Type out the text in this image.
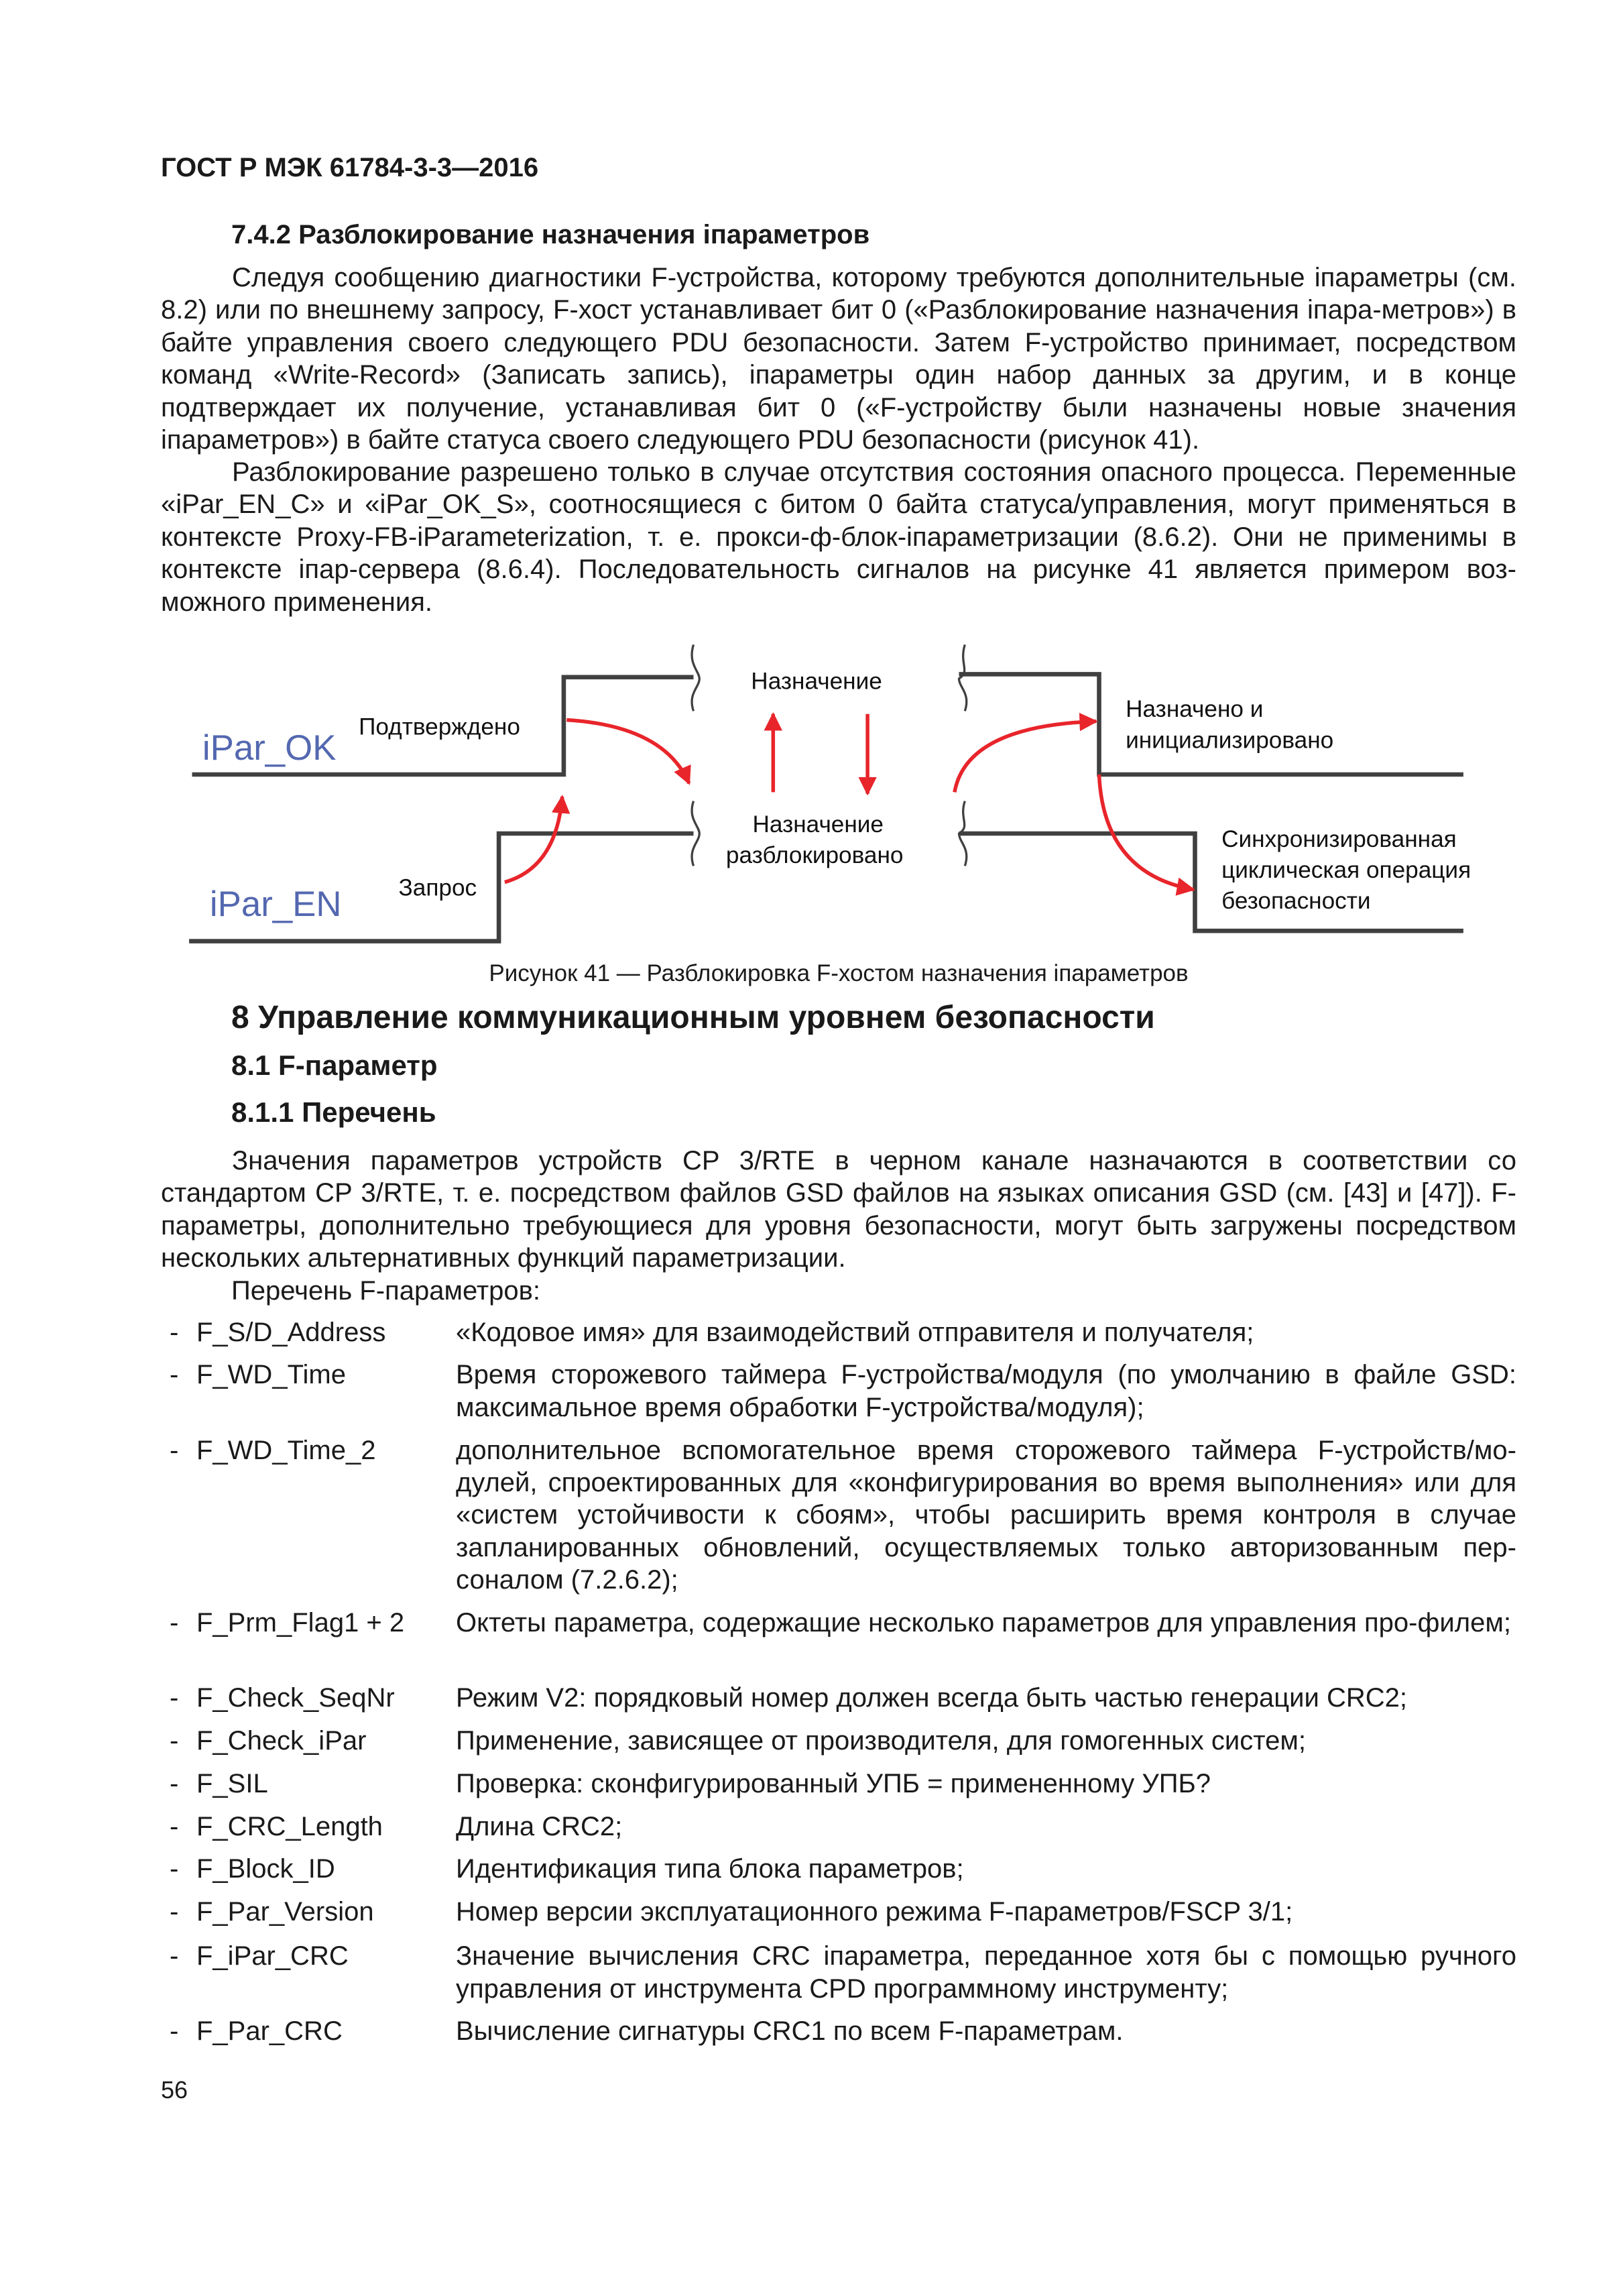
ГОСТ Р МЭК 61784-3-3—2016
7.4.2 Разблокирование назначения iпараметров
Следуя сообщению диагностики F-устройства, которому требуются дополнительные iпараметры (см. 8.2) или по внешнему запросу, F-хост устанавливает бит 0 («Разблокирование назначения iпара-метров») в байте управления своего следующего PDU безопасности. Затем F-устройство принимает, посредством команд «Write-Record» (Записать запись), iпараметры один набор данных за другим, и в конце подтверждает их получение, устанавливая бит 0 («F-устройству были назначены новые значения iпараметров») в байте статуса своего следующего PDU безопасности (рисунок 41).
Разблокирование разрешено только в случае отсутствия состояния опасного процесса. Переменные «iPar_EN_C» и «iPar_OK_S», соотносящиеся с битом 0 байта статуса/управления, могут применяться в контексте Proxy-FB-iParameterization, т. е. прокси-ф-блок-iпараметризации (8.6.2). Они не применимы в контексте iпар-сервера (8.6.4). Последовательность сигналов на рисунке 41 является примером воз-можного применения.
iPar_OK
iPar_EN
Подтверждено
Запрос
Назначение
Назначение
разблокировано
Назначено и
инициализировано
Синхронизированная
циклическая операция
безопасности
Рисунок 41 — Разблокировка F-хостом назначения iпараметров
8 Управление коммуникационным уровнем безопасности
8.1 F-параметр
8.1.1 Перечень
Значения параметров устройств CP 3/RTE в черном канале назначаются в соответствии со стандартом CP 3/RTE, т. е. посредством файлов GSD файлов на языках описания GSD (см. [43] и [47]). F-параметры, дополнительно требующиеся для уровня безопасности, могут быть загружены посредством нескольких альтернативных функций параметризации.
Перечень F-параметров:
- F_S/D_Address	«Кодовое имя» для взаимодействий отправителя и получателя;
- F_WD_Time	Время сторожевого таймера F-устройства/модуля (по умолчанию в файле GSD: максимальное время обработки F-устройства/модуля);
- F_WD_Time_2	дополнительное вспомогательное время сторожевого таймера F-устройств/мо-дулей, спроектированных для «конфигурирования во время выполнения» или для «систем устойчивости к сбоям», чтобы расширить время контроля в случае запланированных обновлений, осуществляемых только авторизованным пер-соналом (7.2.6.2);
- F_Prm_Flag1 + 2 Октеты параметра, содержащие несколько параметров для управления про-филем;
- F_Check_SeqNr Режим V2: порядковый номер должен всегда быть частью генерации CRC2;
- F_Check_iPar	Применение, зависящее от производителя, для гомогенных систем;
- F_SIL	Проверка: сконфигурированный УПБ = примененному УПБ?
- F_CRC_Length	Длина CRC2;
- F_Block_ID	Идентификация типа блока параметров;
- F_Par_Version	Номер версии эксплуатационного режима F-параметров/FSCP 3/1;
- F_iPar_CRC	Значение вычисления CRC iпараметра, переданное хотя бы с помощью ручного управления от инструмента CPD программному инструменту;
- F_Par_CRC	Вычисление сигнатуры CRC1 по всем F-параметрам.
56
